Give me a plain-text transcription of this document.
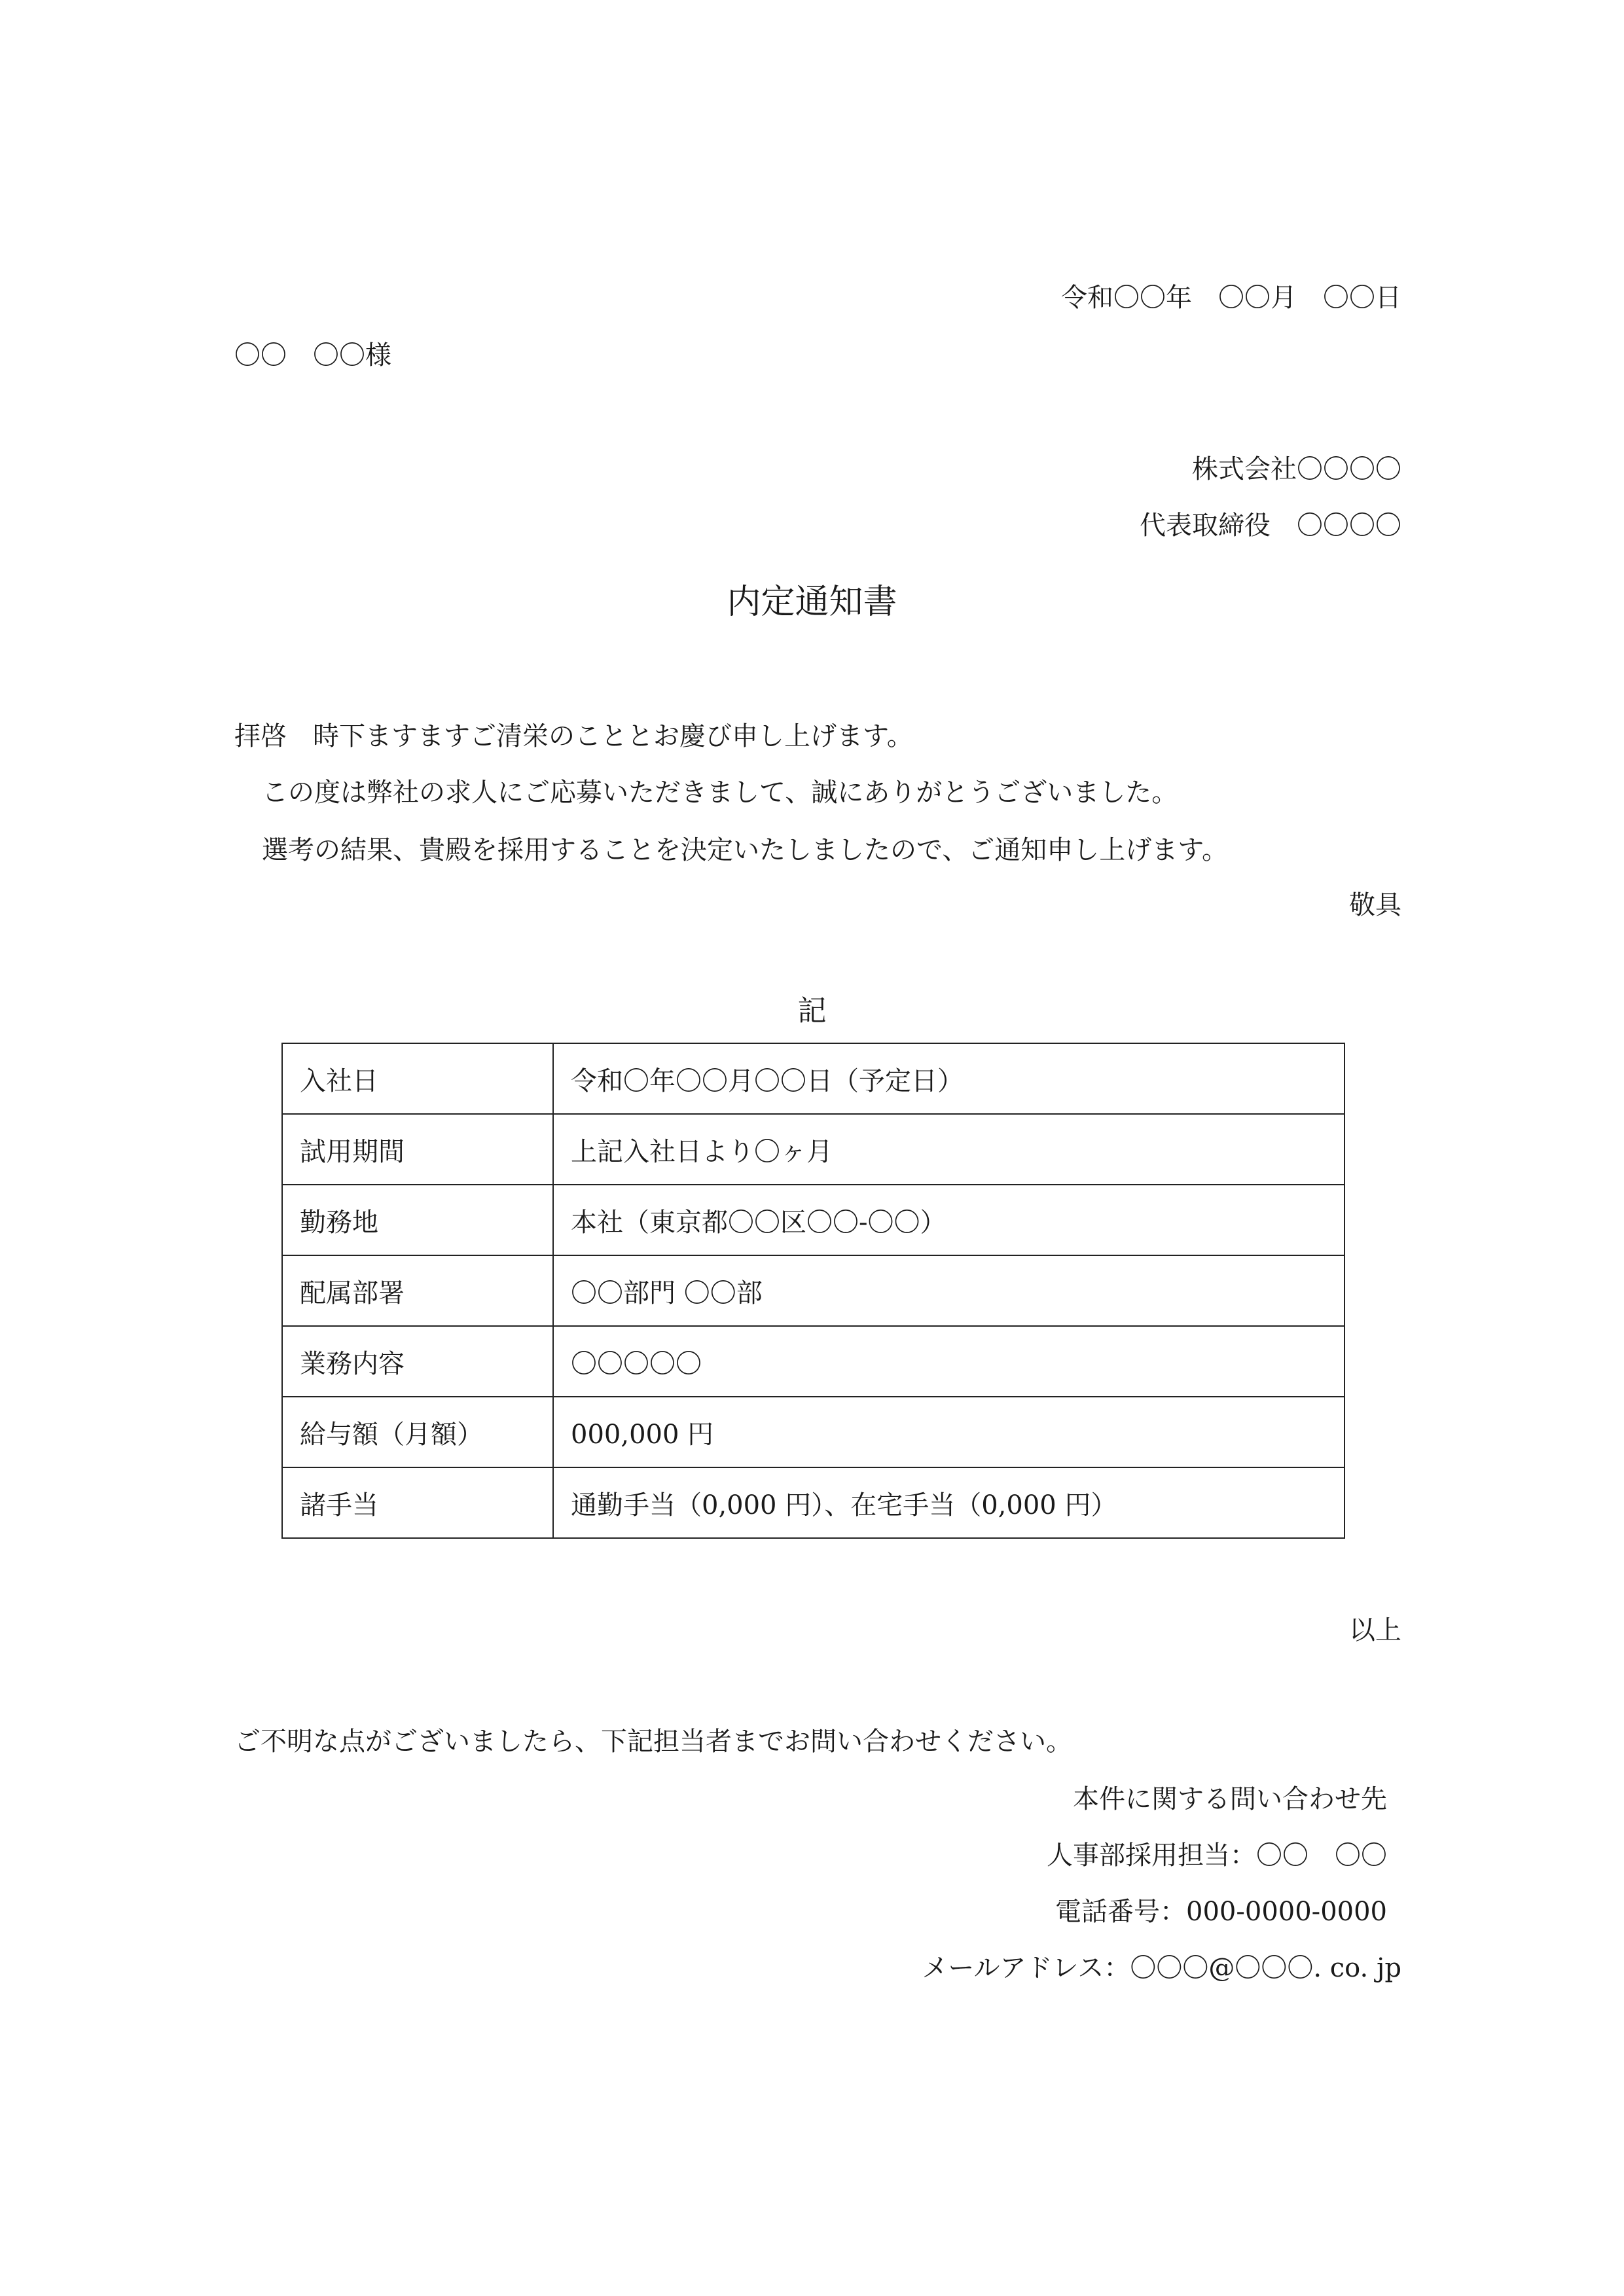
令和〇〇年　〇〇月　〇〇日
〇〇　〇〇様
株式会社〇〇〇〇
代表取締役　〇〇〇〇
内定通知書
拝啓　時下ますますご清栄のこととお慶び申し上げます。
この度は弊社の求人にご応募いただきまして、誠にありがとうございました。
選考の結果、貴殿を採用することを決定いたしましたので、ご通知申し上げます。
敬具
記
入社日	令和〇年〇〇月〇〇日（予定日）
試用期間	上記入社日より〇ヶ月
勤務地	本社（東京都〇〇区〇〇-〇〇）
配属部署	〇〇部門 〇〇部
業務内容	〇〇〇〇〇
給与額（月額）	000,000 円
諸手当	通勤手当（0,000 円）、在宅手当（0,000 円）
以上
ご不明な点がございましたら、下記担当者までお問い合わせください。
本件に関する問い合わせ先
人事部採用担当：〇〇　〇〇
電話番号：000-0000-0000
メールアドレス：〇〇〇@〇〇〇. co. jp
